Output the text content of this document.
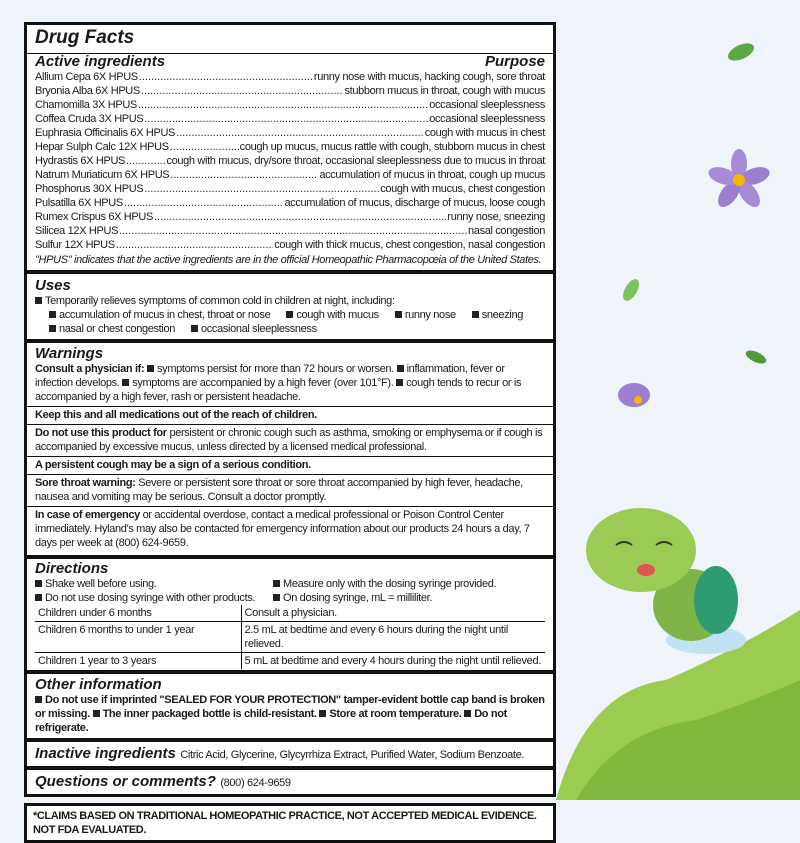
Drug Facts
Active ingredients	Purpose
Allium Cepa 6X HPUS .....	runny nose with mucus, hacking cough, sore throat
Bryonia Alba 6X HPUS .....	stubborn mucus in throat, cough with mucus
Chamomilla 3X HPUS .....	occasional sleeplessness
Coffea Cruda 3X HPUS .....	occasional sleeplessness
Euphrasia Officinalis 6X HPUS .....	cough with mucus in chest
Hepar Sulph Calc 12X HPUS .....	cough up mucus, mucus rattle with cough, stubborn mucus in chest
Hydrastis 6X HPUS .....	cough with mucus, dry/sore throat, occasional sleeplessness due to mucus in throat
Natrum Muriaticum 6X HPUS .....	accumulation of mucus in throat, cough up mucus
Phosphorus 30X HPUS .....	cough with mucus, chest congestion
Pulsatilla 6X HPUS .....	accumulation of mucus, discharge of mucus, loose cough
Rumex Crispus 6X HPUS .....	runny nose, sneezing
Silicea 12X HPUS .....	nasal congestion
Sulfur 12X HPUS .....	cough with thick mucus, chest congestion, nasal congestion
"HPUS" indicates that the active ingredients are in the official Homeopathic Pharmacopœia of the United States.
Uses
Temporarily relieves symptoms of common cold in children at night, including:
accumulation of mucus in chest, throat or nose cough with mucus runny nose sneezingnasal or chest congestion occasional sleeplessness
Warnings
Consult a physician if: symptoms persist for more than 72 hours or worsen. inflammation, fever or infection develops. symptoms are accompanied by a high fever (over 101°F). cough tends to recur or is accompanied by a high fever, rash or persistent headache.
Keep this and all medications out of the reach of children.
Do not use this product for persistent or chronic cough such as asthma, smoking or emphysema or if cough is accompanied by excessive mucus, unless directed by a licensed medical professional.
A persistent cough may be a sign of a serious condition.
Sore throat warning: Severe or persistent sore throat or sore throat accompanied by high fever, headache, nausea and vomiting may be serious. Consult a doctor promptly.
In case of emergency or accidental overdose, contact a medical professional or Poison Control Center immediately. Hyland's may also be contacted for emergency information about our products 24 hours a day, 7 days per week at (800) 624-9659.
Directions
Shake well before using.	Measure only with the dosing syringe provided.
Do not use dosing syringe with other products.	On dosing syringe, mL = milliliter.
Children under 6 months	Consult a physician.
Children 6 months to under 1 year	2.5 mL at bedtime and every 6 hours during the night until relieved.
Children 1 year to 3 years	5 mL at bedtime and every 4 hours during the night until relieved.
Other information
Do not use if imprinted "SEALED FOR YOUR PROTECTION" tamper-evident bottle cap band is broken or missing. The inner packaged bottle is child-resistant. Store at room temperature. Do not refrigerate.
Inactive ingredients Citric Acid, Glycerine, Glycyrrhiza Extract, Purified Water, Sodium Benzoate.
Questions or comments? (800) 624-9659
*CLAIMS BASED ON TRADITIONAL HOMEOPATHIC PRACTICE, NOT ACCEPTED MEDICAL EVIDENCE. NOT FDA EVALUATED.
